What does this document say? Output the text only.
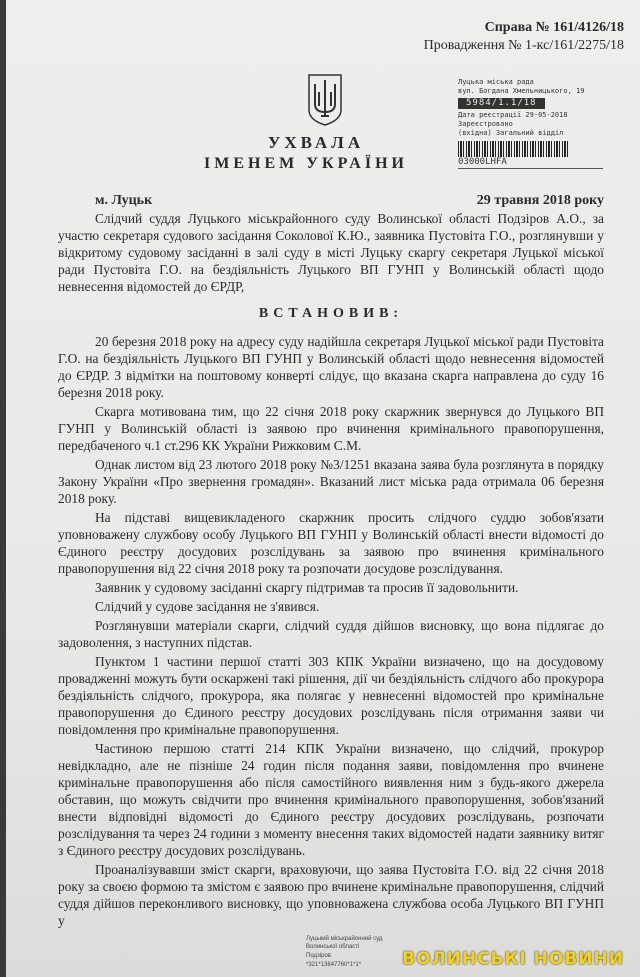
Справа № 161/4126/18
Провадження № 1-кс/161/2275/18
Луцька міська рада
вул. Богдана Хмельницького, 19
5984/1.1/18
Дата реєстрації 29-05-2018
Зареєстровано
(вхідна) Загальний відділ
03000LHFA
УХВАЛА
ІМЕНЕМ УКРАЇНИ
м. Луцьк	29 травня 2018 року

Слідчий суддя Луцького міськрайонного суду Волинської області Подзіров А.О., за участю секретаря судового засідання Соколової К.Ю., заявника Пустовіта Г.О., розглянувши у відкритому судовому засіданні в залі суду в місті Луцьку скаргу секретаря Луцької міської ради Пустовіта Г.О. на бездіяльність Луцького ВП ГУНП у Волинській області щодо невнесення відомостей до ЄРДР,

ВСТАНОВИВ:

20 березня 2018 року на адресу суду надійшла секретаря Луцької міської ради Пустовіта Г.О. на бездіяльність Луцького ВП ГУНП у Волинській області щодо невнесення відомостей до ЄРДР. З відмітки на поштовому конверті слідує, що вказана скарга направлена до суду 16 березня 2018 року.

Скарга мотивована тим, що 22 січня 2018 року скаржник звернувся до Луцького ВП ГУНП у Волинській області із заявою про вчинення кримінального правопорушення, передбаченого ч.1 ст.296 КК України Рижковим С.М.

Однак листом від 23 лютого 2018 року №3/1251 вказана заява була розглянута в порядку Закону України «Про звернення громадян». Вказаний лист міська рада отримала 06 березня 2018 року.

На підставі вищевикладеного скаржник просить слідчого суддю зобов'язати уповноважену службову особу Луцького ВП ГУНП у Волинській області внести відомості до Єдиного реєстру досудових розслідувань за заявою про вчинення кримінального правопорушення від 22 січня 2018 року та розпочати досудове розслідування.

Заявник у судовому засіданні скаргу підтримав та просив її задовольнити.

Слідчий у судове засідання не з'явився.

Розглянувши матеріали скарги, слідчий суддя дійшов висновку, що вона підлягає до задоволення, з наступних підстав.

Пунктом 1 частини першої статті 303 КПК України визначено, що на досудовому провадженні можуть бути оскаржені такі рішення, дії чи бездіяльність слідчого або прокурора бездіяльність слідчого, прокурора, яка полягає у невнесенні відомостей про кримінальне правопорушення до Єдиного реєстру досудових розслідувань після отримання заяви чи повідомлення про кримінальне правопорушення.

Частиною першою статті 214 КПК України визначено, що слідчий, прокурор невідкладно, але не пізніше 24 годин після подання заяви, повідомлення про вчинене кримінальне правопорушення або після самостійного виявлення ним з будь-якого джерела обставин, що можуть свідчити про вчинення кримінального правопорушення, зобов'язаний внести відповідні відомості до Єдиного реєстру досудових розслідувань, розпочати розслідування та через 24 години з моменту внесення таких відомостей надати заявнику витяг з Єдиного реєстру досудових розслідувань.

Проаналізувавши зміст скарги, враховуючи, що заява Пустовіта Г.О. від 22 січня 2018 року за своєю формою та змістом є заявою про вчинене кримінальне правопорушення, слідчий суддя дійшов переконливого висновку, що уповноважена службова особа Луцького ВП ГУНП у

Луцький міськрайонний суд Волинської області
Подзіров
*321*13847760*1*1*	ВОЛИНСЬКІ НОВИНИ
